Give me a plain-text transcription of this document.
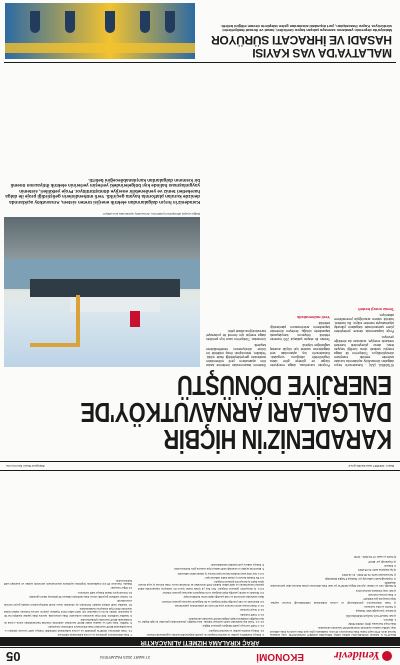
Yenidevir
EKONOMİ
27 MART 2023 PAZARTESİ
05
ARAÇ KİRALAMA HİZMETİ ALINACAKTIR

MALATYA İL SAĞLIK MÜDÜRLÜĞÜ ADINA ARAÇ KİRALAMA HİZMETİ ALINACAKTIR. Araç kiralama hizmeti alımı 4734 sayılı Kamu İhale Kanununun 19 uncu maddesine göre açık ihale usulü ile ihale edilecek olup, teklifler sadece elektronik ortamda EKAP üzerinden alınacaktır.

İhale Kayıt Numarası (İKN): 2023/173962

1. İdarenin

a) Adı: MALATYA İL SAĞLIK MÜDÜRLÜĞÜ

b) Adresi: Çavuşoğlu Mah. Malatya

c) Telefon ve faks numarası:

ç) İhale dokümanının görülebileceği ve e-imza kullanılarak indirilebileceği internet sayfası: https://ekap.kik.gov.tr/EKAP/

2. İhale konusu hizmetin

a) Adı: Araç Kiralama Hizmeti Alımı

b) Niteliği, türü ve miktarı: Ayrıntılı bilgiye EKAP'ta yer alan ihale dokümanı içinde bulunan idari şartnameden ulaşılabilir.

c) Yapılacağı/teslim edileceği yer: Malatya İl Sağlık Müdürlüğü

ç) Süresi/teslim tarihi: 01.05.2023 - 31.12.2023

d) İşe başlama tarihi: 01.05.2023

3. İhalenin

a) Yapılacağı yer: EKAP

b) Tarihi ve saati: 27.04.2023 - 10:00

4. İhaleye katılabilme şartları ve istenilen belgeler ile yeterlik değerlendirmesinde uygulanacak kriterler:

4.1. İhaleye katılma şartları ve istenilen belgeler:

4.1.1. Teklif vermeye yetkili olduğunu gösteren bilgiler;

4.1.1.1. Tüzel kişi tarafından teklif verilmesi halinde, tüzel kişiliğin yönetimindeki görevliler ile ilgili bilgiler ve tüzel kişiliğin ortaklarına ilişkin bilgiler EKAP üzerinden alınacaktır.

4.1.2. Teklif mektubu.

4.1.3. Geçici teminat.

4.1.4. İhale konusu alımın tamamı veya bir kısmı alt yüklenicilere yaptırılamaz.

4.2. Ekonomik ve mali yeterliğe ilişkin belgeler ve bu belgelerin taşıması gereken kriterler:

İdare tarafından ekonomik ve mali yeterliğe ilişkin kriter belirtilmemiştir.

4.3. Mesleki ve teknik yeterliğe ilişkin belgeler ve bu belgelerin taşıması gereken kriterler:

4.3.1. İş deneyimini gösteren belgeler: Son beş yıl içinde bedel içeren bir sözleşme kapsamında kabul işlemleri tamamlanan ve teklif edilen bedelin %25 oranından az olmamak üzere, ihale konusu iş veya benzer işlere ilişkin iş deneyimini gösteren belgeler.

4.4. Bu ihalede benzer iş olarak kabul edilecek işler:

4.4.1. Her türlü araç kiralama hizmet işleri benzer iş olarak kabul edilecektir.

5. Ekonomik açıdan en avantajlı teklif sadece fiyat esasına göre belirlenecektir.

6. İhaleye sadece yerli istekliler katılabilecektir.

7. İhale dokümanının görülmesi ve e-imza kullanılarak indirilmesi:

7.1. İhale dokümanı, EKAP'ta görülebilir ve e-imza kullanılarak indirilebilir. İhaleye teklif verecek olanların e-imza kullanarak EKAP üzerinden ihale dokümanını indirmeleri zorunludur.

8. Teklifler, ihale tarih ve saatine kadar EKAP üzerinden elektronik ortamda hazırlandıktan sonra e-imza ile imzalanarak EKAP üzerinden gönderilecektir.

9. İstekliler tekliflerini, birim fiyat üzerinden verilecektir. İhale sonucunda, üzerine ihale yapılan istekliyle her bir iş kaleminin miktarı ile bu iş kalemleri için teklif edilen birim fiyatların çarpımı sonucu bulunan toplam bedel üzerinden birim fiyat sözleşme imzalanacaktır.

10. İstekliler teklif ettikleri bedelin %3'ünden az olmamak üzere kendi belirleyecekleri tutarda geçici teminat vereceklerdir.

11. Verilen tekliflerin geçerlilik süresi, ihale tarihinden itibaren 90 (doksan) takvim günüdür.

12. Konsorsiyum olarak ihaleye teklif verilemez.

13. Diğer hususlar:

İhalede, Kanunun 38 inci maddesinde öngörülen açıklama istenmeksizin ekonomik açıdan en avantajlı teklif belirlenecektir.

Basın: 1234567 www.ilanbis.gov.tr
#ilangovtr Basın İlan Kurumu
KARADENİZ'İN HİÇBİR
DALGALARI ARNAVUTKÖY'DE
ENERJİYE DÖNÜŞTÜ

İSTANBUL (AA) - Karadeniz'in hırçın dalgaları Arnavutköy açıklarında kurulan sistemle elektrik enerjisine dönüştürülüyor. Türkiye'nin ilk dalga enerjisi santrali olma özelliği taşıyan tesis, deniz yüzeyindeki hareketi mekanik enerjiye, ardından da elektriğe çeviriyor.

Proje kapsamında denize yerleştirilen yüzer şamandıralar dalgaların yükselip alçalmasıyla hareket ediyor. Bu hareket, hidrolik sistem aracılığıyla jeneratörlere aktarılıyor.

Temiz enerji hedefi

Projenin sorumlusu, dalga enerjisinin rüzgar ve güneşe göre daha öngörülebilir olduğunu vurguladı. Karadeniz'in kış aylarındaki sert dalgalarının santral için büyük avantaj sağladığını söyledi.

Tesisin ilk etapta yaklaşık 200 hanenin elektrik ihtiyacını karşılayacak kapasitede olduğu, ilerleyen dönemde kapasitenin artırılmasının planlandığı belirtildi.

Yerli mühendislik

Sistemin tasarımından üretimine kadar tüm aşamaların yerli mühendisler tarafından gerçekleştirildiği ifade edildi. Yetkililer, teknolojinin ihraç edilebilir bir ürüne dönüşmesini hedeflediklerini kaydetti.

Uzmanlar, Türkiye'nin uzun kıyı şeridinin dalga enerjisi için önemli bir potansiyel barındırdığına dikkat çekti.

Dalga enerjisi dönüştürücü platformu, Arnavutköy açıklarında test ediliyor.
Karadeniz'in hırçın dalgalarından elektrik enerjisi üreten sistem, Arnavutköy açıklarında denizde kurulan platformla hayata geçirildi. Yerli mühendislerin geliştirdiği proje ile dalga hareketleri temiz ve yenilenebilir enerjiye dönüştürülüyor. Proje yetkilileri, sistemin yaygınlaşması halinde kıyı bölgelerindeki yerleşim yerlerinin elektrik ihtiyacının önemli bir kısmının dalgalardan karşılanabileceğini belirtti.
MALATYA'DA VAS KAYISI
HASADI VE İHRACATI SÜRÜYOR
Malatya'da depremin yaralarını sarmaya çalışan kayısı üreticileri, hasat ve ihracat faaliyetlerini sürdürüyor. Kayısı ihracatçıları, yurt dışındaki alıcılardan gelen taleplerin devam ettiğini belirtti.
